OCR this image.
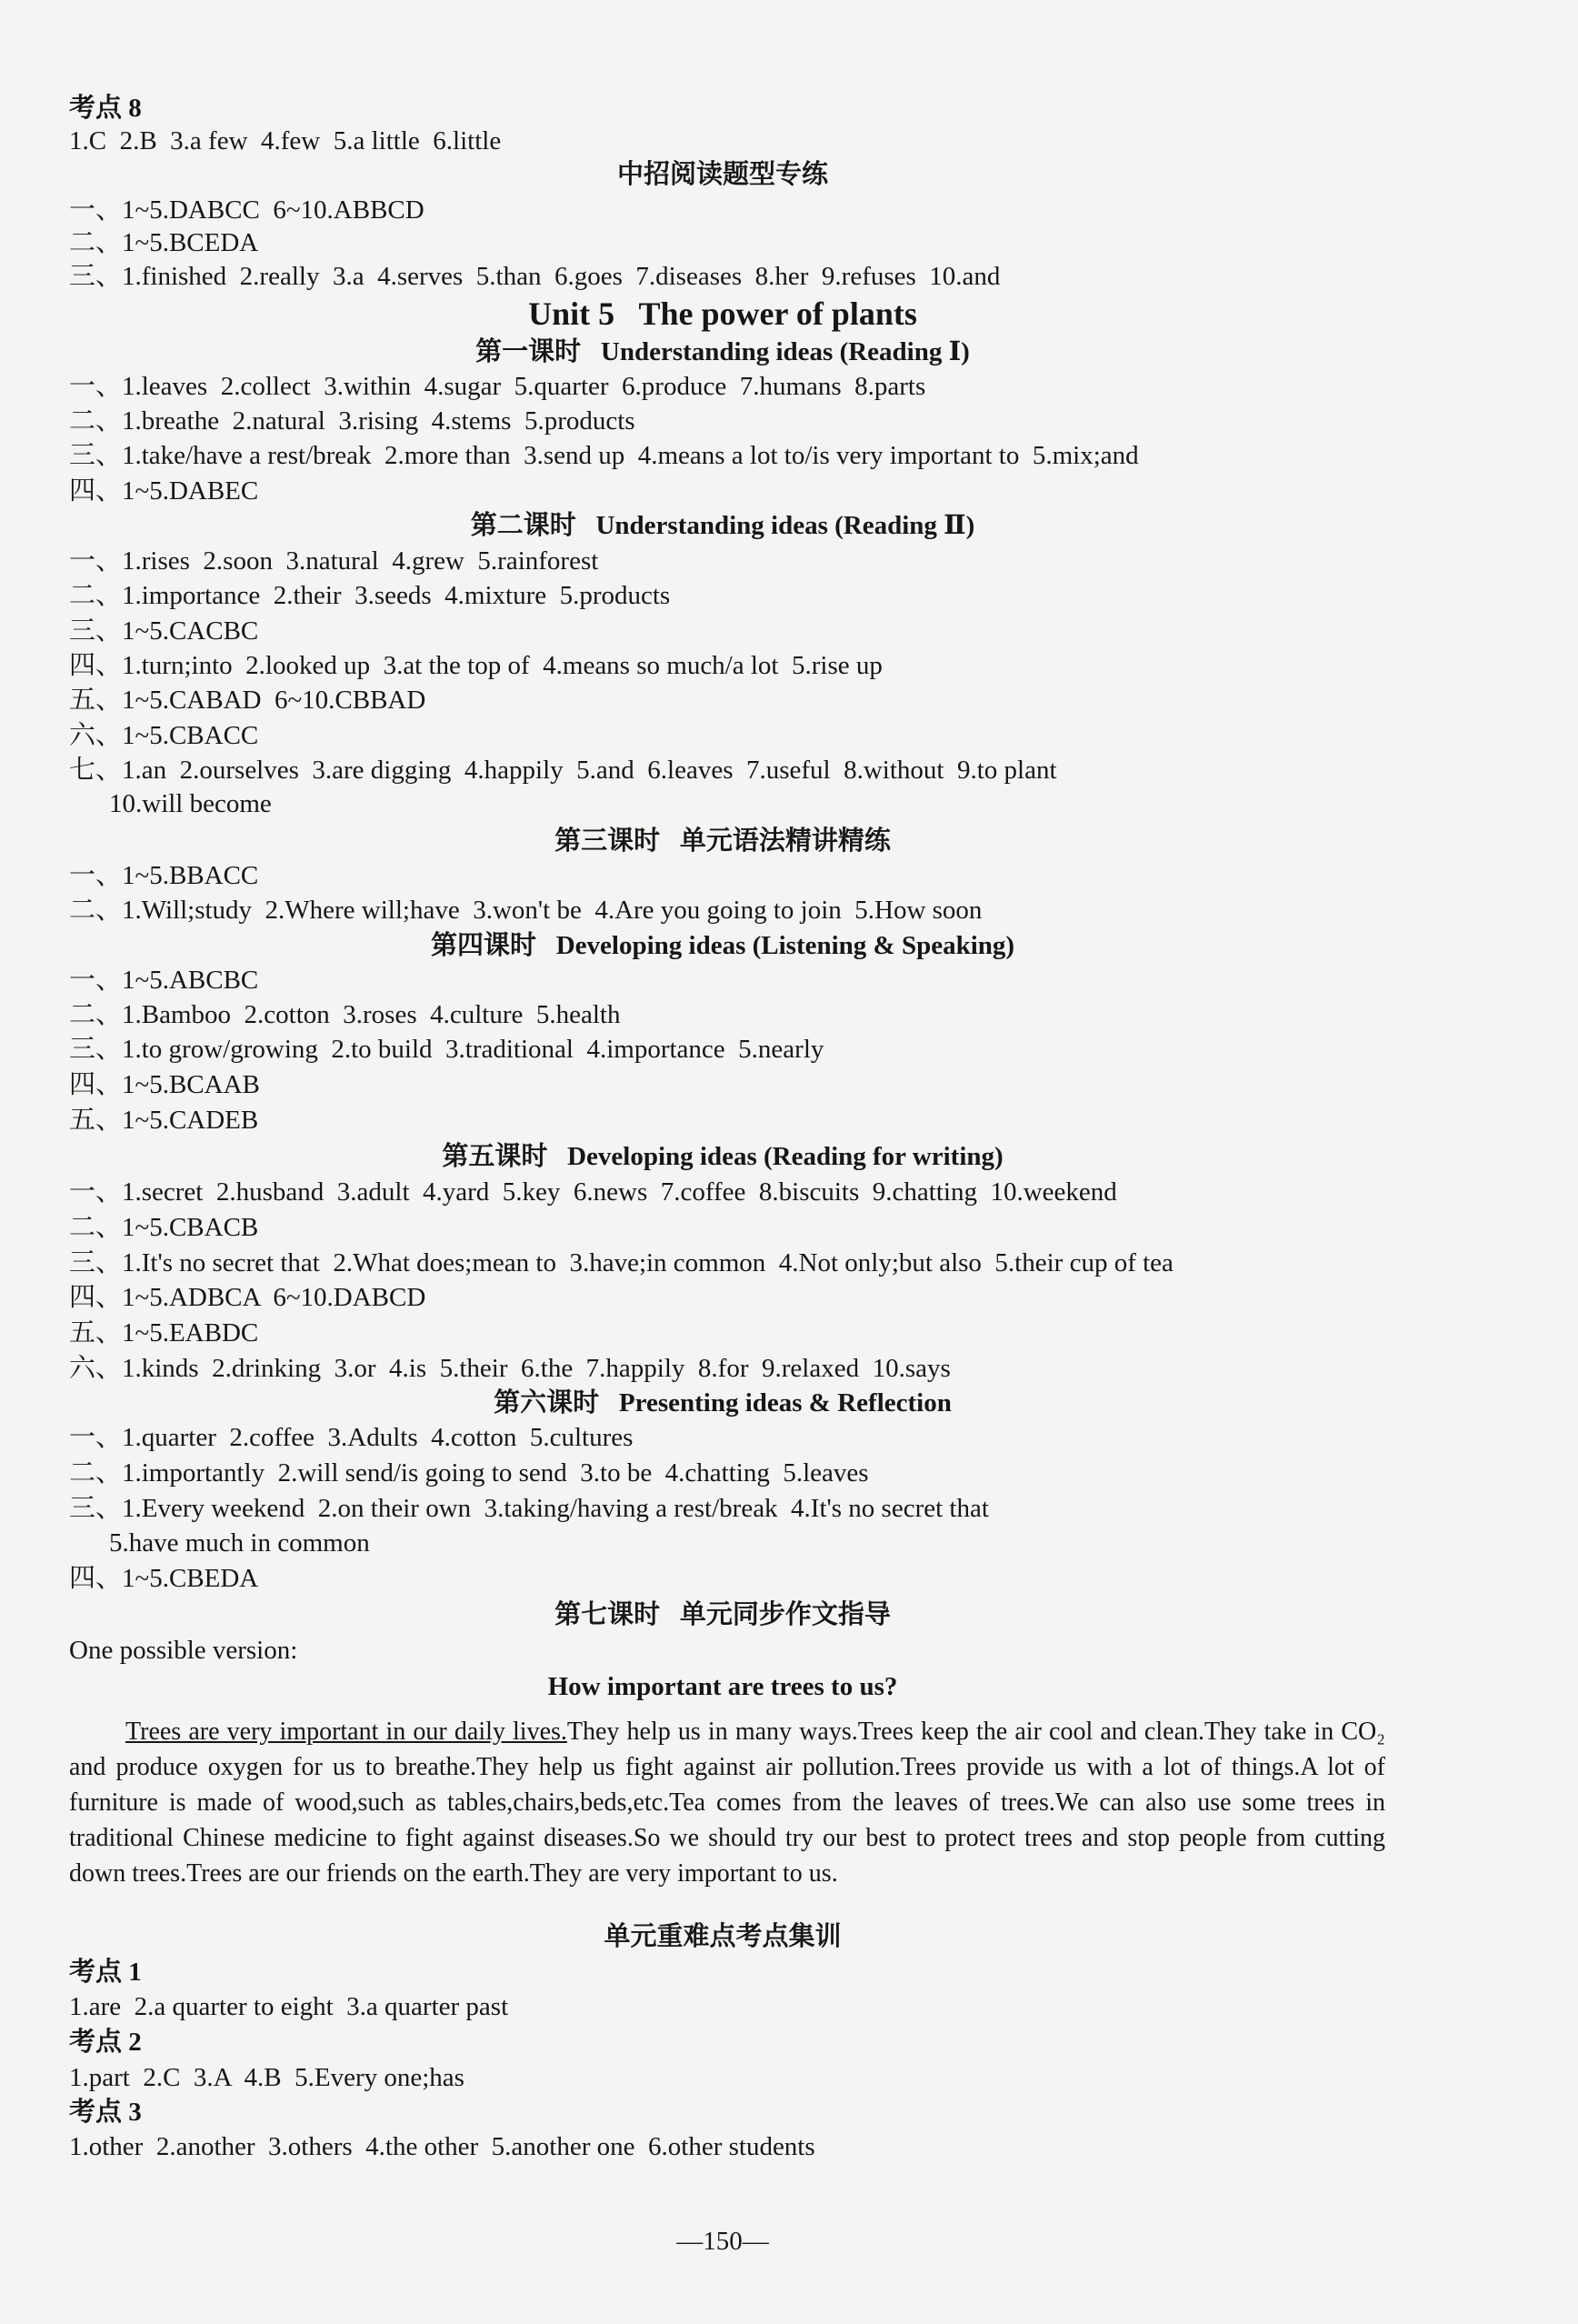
考点 8
1.C  2.B  3.a few  4.few  5.a little  6.little
中招阅读题型专练
一、1~5.DABCC  6~10.ABBCD
二、1~5.BCEDA
三、1.finished  2.really  3.a  4.serves  5.than  6.goes  7.diseases  8.her  9.refuses  10.and
Unit 5   The power of plants
第一课时   Understanding ideas (Reading Ⅰ)
一、1.leaves  2.collect  3.within  4.sugar  5.quarter  6.produce  7.humans  8.parts
二、1.breathe  2.natural  3.rising  4.stems  5.products
三、1.take/have a rest/break  2.more than  3.send up  4.means a lot to/is very important to  5.mix;and
四、1~5.DABEC
第二课时   Understanding ideas (Reading Ⅱ)
一、1.rises  2.soon  3.natural  4.grew  5.rainforest
二、1.importance  2.their  3.seeds  4.mixture  5.products
三、1~5.CACBC
四、1.turn;into  2.looked up  3.at the top of  4.means so much/a lot  5.rise up
五、1~5.CABAD  6~10.CBBAD
六、1~5.CBACC
七、1.an  2.ourselves  3.are digging  4.happily  5.and  6.leaves  7.useful  8.without  9.to plant
10.will become
第三课时   单元语法精讲精练
一、1~5.BBACC
二、1.Will;study  2.Where will;have  3.won't be  4.Are you going to join  5.How soon
第四课时   Developing ideas (Listening & Speaking)
一、1~5.ABCBC
二、1.Bamboo  2.cotton  3.roses  4.culture  5.health
三、1.to grow/growing  2.to build  3.traditional  4.importance  5.nearly
四、1~5.BCAAB
五、1~5.CADEB
第五课时   Developing ideas (Reading for writing)
一、1.secret  2.husband  3.adult  4.yard  5.key  6.news  7.coffee  8.biscuits  9.chatting  10.weekend
二、1~5.CBACB
三、1.It's no secret that  2.What does;mean to  3.have;in common  4.Not only;but also  5.their cup of tea
四、1~5.ADBCA  6~10.DABCD
五、1~5.EABDC
六、1.kinds  2.drinking  3.or  4.is  5.their  6.the  7.happily  8.for  9.relaxed  10.says
第六课时   Presenting ideas & Reflection
一、1.quarter  2.coffee  3.Adults  4.cotton  5.cultures
二、1.importantly  2.will send/is going to send  3.to be  4.chatting  5.leaves
三、1.Every weekend  2.on their own  3.taking/having a rest/break  4.It's no secret that
5.have much in common
四、1~5.CBEDA
第七课时   单元同步作文指导
One possible version:
How important are trees to us?
Trees are very important in our daily lives.They help us in many ways.Trees keep the air cool and clean.They take in CO₂ and produce oxygen for us to breathe.They help us fight against air pollution.Trees provide us with a lot of things.A lot of furniture is made of wood,such as tables,chairs,beds,etc.Tea comes from the leaves of trees.We can also use some trees in traditional Chinese medicine to fight against diseases.So we should try our best to protect trees and stop people from cutting down trees.Trees are our friends on the earth.They are very important to us.
单元重难点考点集训
考点 1
1.are  2.a quarter to eight  3.a quarter past
考点 2
1.part  2.C  3.A  4.B  5.Every one;has
考点 3
1.other  2.another  3.others  4.the other  5.another one  6.other students
—150—
